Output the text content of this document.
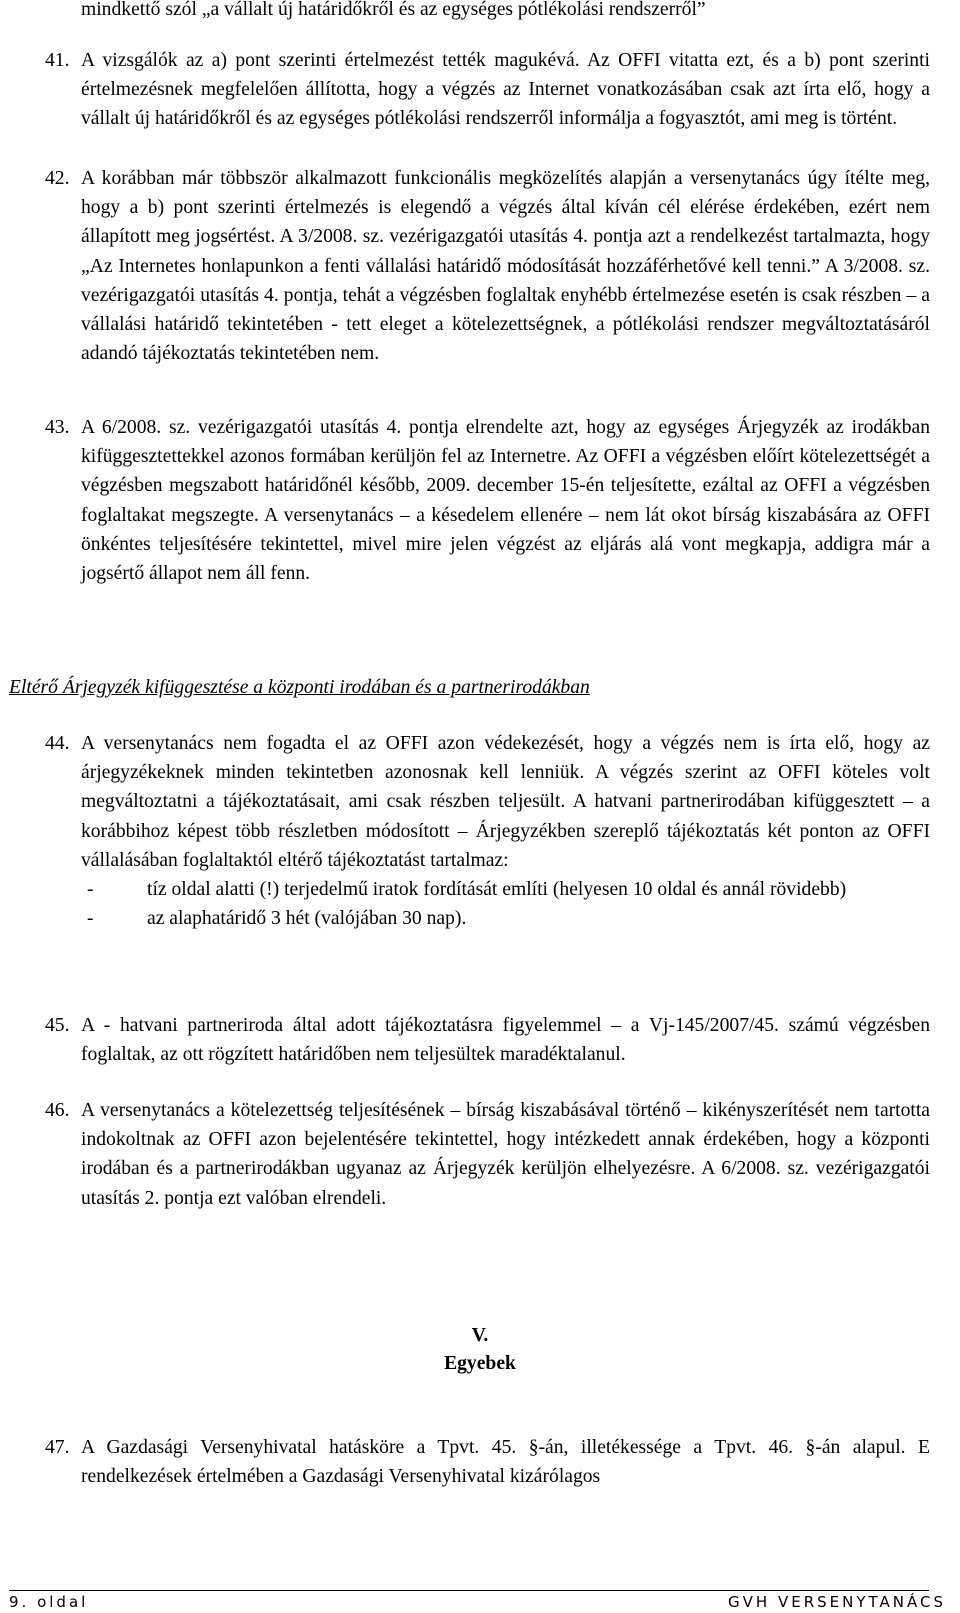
mindkettő szól „a vállalt új határidőkről és az egységes pótlékolási rendszerről”
41. A vizsgálók az a) pont szerinti értelmezést tették magukévá. Az OFFI vitatta ezt, és a b) pont szerinti értelmezésnek megfelelően állította, hogy a végzés az Internet vonatkozásában csak azt írta elő, hogy a vállalt új határidőkről és az egységes pótlékolási rendszerről informálja a fogyasztót, ami meg is történt.
42. A korábban már többször alkalmazott funkcionális megközelítés alapján a versenytanács úgy ítélte meg, hogy a b) pont szerinti értelmezés is elegendő a végzés által kíván cél elérése érdekében, ezért nem állapított meg jogsértést. A 3/2008. sz. vezérigazgatói utasítás 4. pontja azt a rendelkezést tartalmazta, hogy „Az Internetes honlapunkon a fenti vállalási határidő módosítását hozzáférhetővé kell tenni.” A 3/2008. sz. vezérigazgatói utasítás 4. pontja, tehát a végzésben foglaltak enyhébb értelmezése esetén is csak részben – a vállalási határidő tekintetében - tett eleget a kötelezettségnek, a pótlékolási rendszer megváltoztatásáról adandó tájékoztatás tekintetében nem.
43. A 6/2008. sz. vezérigazgatói utasítás 4. pontja elrendelte azt, hogy az egységes Árjegyzék az irodákban kifüggesztettekkel azonos formában kerüljön fel az Internetre. Az OFFI a végzésben előírt kötelezettségét a végzésben megszabott határidőnél később, 2009. december 15-én teljesítette, ezáltal az OFFI a végzésben foglaltakat megszegte. A versenytanács – a késedelem ellenére – nem lát okot bírság kiszabására az OFFI önkéntes teljesítésére tekintettel, mivel mire jelen végzést az eljárás alá vont megkapja, addigra már a jogsértő állapot nem áll fenn.
Eltérő Árjegyzék kifüggesztése a központi irodában és a partnerirodákban
44. A versenytanács nem fogadta el az OFFI azon védekezését, hogy a végzés nem is írta elő, hogy az árjegyzékeknek minden tekintetben azonosnak kell lenniük. A végzés szerint az OFFI köteles volt megváltoztatni a tájékoztatásait, ami csak részben teljesült. A hatvani partnerirodában kifüggesztett – a korábbihoz képest több részletben módosított – Árjegyzékben szereplő tájékoztatás két ponton az OFFI vállalásában foglaltaktól eltérő tájékoztatást tartalmaz:
-	tíz oldal alatti (!) terjedelmű iratok fordítását említi (helyesen 10 oldal és annál rövidebb)
-	az alaphatáridő 3 hét (valójában 30 nap).
45. A - hatvani partneriroda által adott tájékoztatásra figyelemmel – a Vj-145/2007/45. számú végzésben foglaltak, az ott rögzített határidőben nem teljesültek maradéktalanul.
46. A versenytanács a kötelezettség teljesítésének – bírság kiszabásával történő – kikényszerítését nem tartotta indokoltnak az OFFI azon bejelentésére tekintettel, hogy intézkedett annak érdekében, hogy a központi irodában és a partnerirodákban ugyanaz az Árjegyzék kerüljön elhelyezésre. A 6/2008. sz. vezérigazgatói utasítás 2. pontja ezt valóban elrendeli.
V.
Egyebek
47. A Gazdasági Versenyhivatal hatásköre a Tpvt. 45. §-án, illetékessége a Tpvt. 46. §-án alapul. E rendelkezések értelmében a Gazdasági Versenyhivatal kizárólagos
9. oldal	GVH VERSENYTANÁCS
